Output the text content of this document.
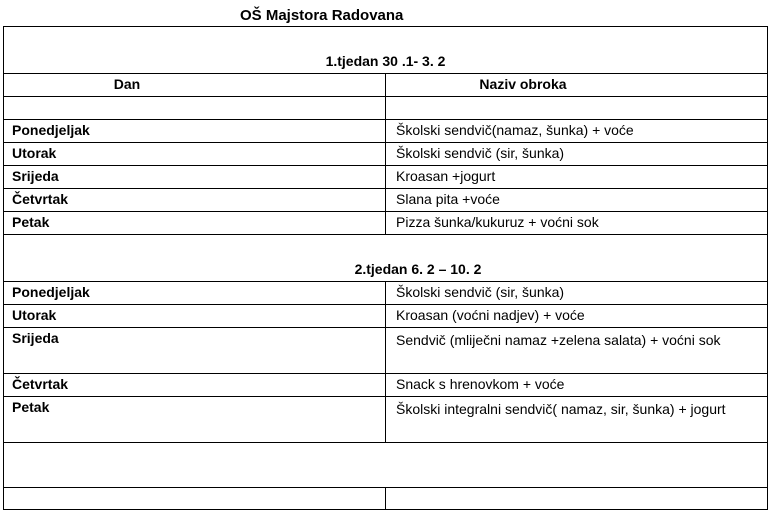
OŠ Majstora Radovana
1.tjedan 30 .1- 3. 2
Dan	Naziv obroka
Ponedjeljak	Školski sendvič(namaz, šunka) + voće
Utorak	Školski sendvič (sir, šunka)
Srijeda	Kroasan +jogurt
Četvrtak	Slana pita +voće
Petak	Pizza šunka/kukuruz + voćni sok
2.tjedan 6. 2 – 10. 2
Ponedjeljak	Školski sendvič (sir, šunka)
Utorak	Kroasan (voćni nadjev) + voće
Srijeda	Sendvič (mliječni namaz +zelena salata) + voćni sok
Četvrtak	Snack s hrenovkom + voće
Petak	Školski integralni sendvič( namaz, sir, šunka) + jogurt
